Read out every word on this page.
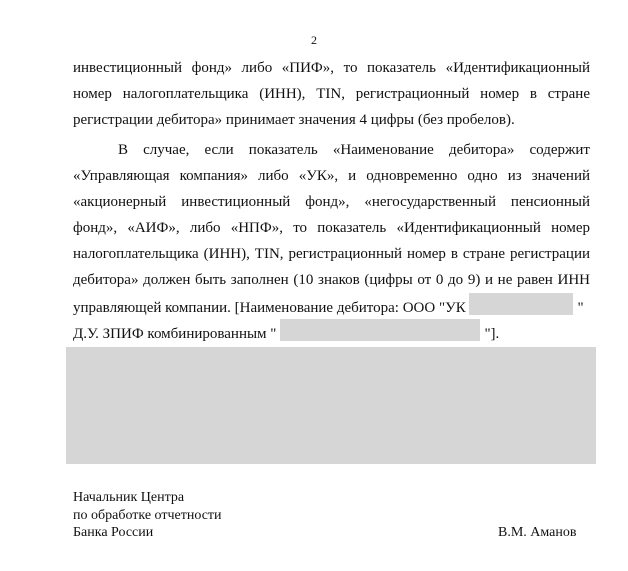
2
инвестиционный фонд» либо «ПИФ», то показатель «Идентификационный
номер налогоплательщика (ИНН), TIN, регистрационный номер в стране
регистрации дебитора» принимает значения 4 цифры (без пробелов).
В случае, если показатель «Наименование дебитора» содержит
«Управляющая компания» либо «УК», и одновременно одно из значений
«акционерный инвестиционный фонд», «негосударственный пенсионный
фонд», «АИФ», либо «НПФ», то показатель «Идентификационный номер
налогоплательщика (ИНН), TIN, регистрационный номер в стране регистрации
дебитора» должен быть заполнен (10 знаков (цифры от 0 до 9) и не равен ИНН
управляющей компании. [Наименование дебитора: ООО "УК	"
Д.У. ЗПИФ комбинированным "	"].
Начальник Центра
по обработке отчетности
Банка России	В.М. Аманов
